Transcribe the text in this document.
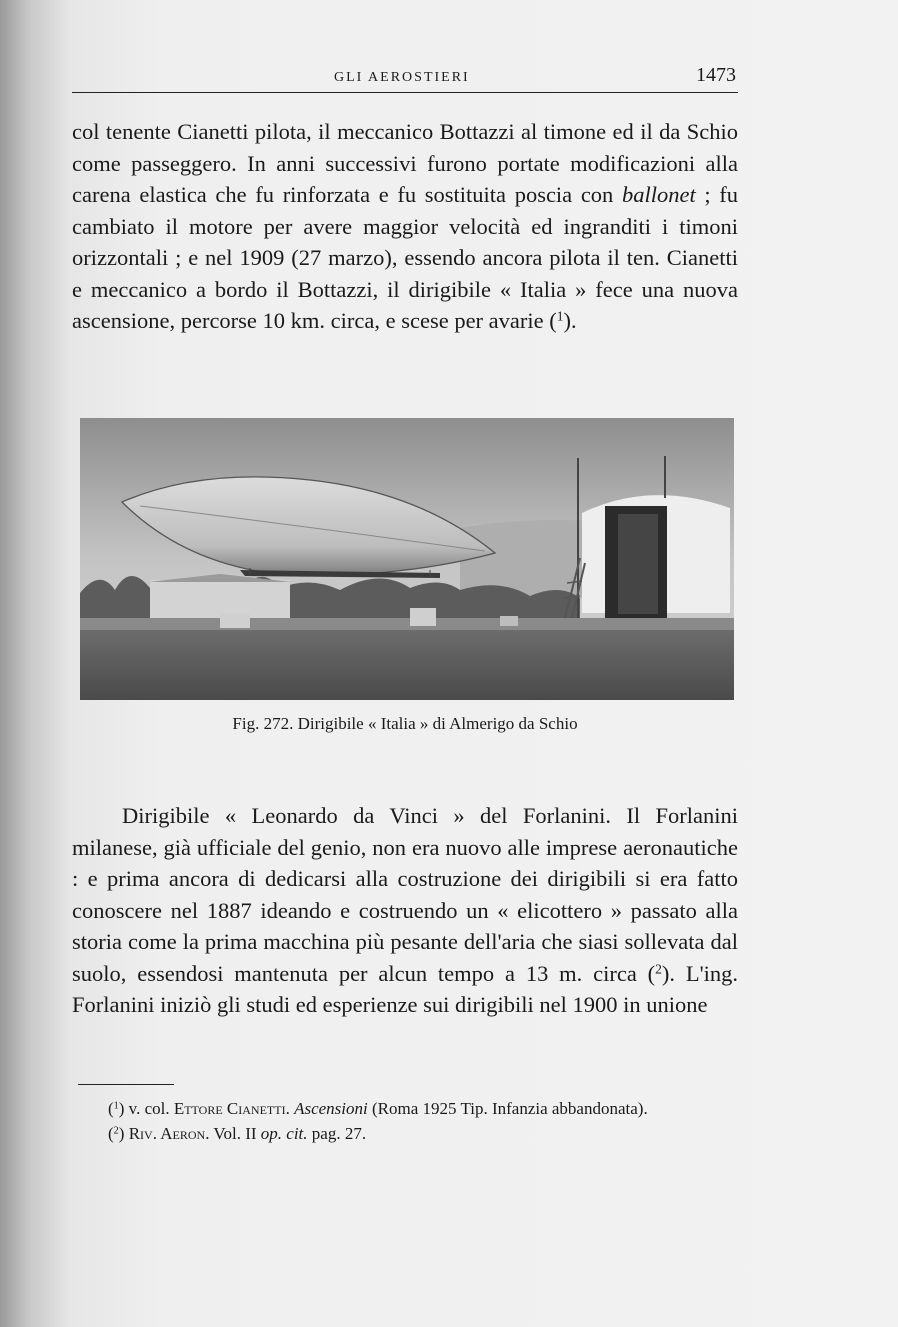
GLI AEROSTIERI	1473

col tenente Cianetti pilota, il meccanico Bottazzi al timone ed il da Schio come passeggero. In anni successivi furono portate modificazioni alla carena elastica che fu rinforzata e fu sostituita poscia con ballonet ; fu cambiato il motore per avere maggior velocità ed ingranditi i timoni orizzontali ; e nel 1909 (27 marzo), essendo ancora pilota il ten. Cianetti e meccanico a bordo il Bottazzi, il dirigibile « Italia » fece una nuova ascensione, percorse 10 km. circa, e scese per avarie ($^1$).

Fig. 272. Dirigibile « Italia » di Almerigo da Schio

Dirigibile « Leonardo da Vinci » del Forlanini. Il Forlanini milanese, già ufficiale del genio, non era nuovo alle imprese aeronautiche : e prima ancora di dedicarsi alla costruzione dei dirigibili si era fatto conoscere nel 1887 ideando e costruendo un « elicottero » passato alla storia come la prima macchina più pesante dell'aria che siasi sollevata dal suolo, essendosi mantenuta per alcun tempo a 13 m. circa ($^2$). L'ing. Forlanini iniziò gli studi ed esperienze sui dirigibili nel 1900 in unione

($^1$) v. col. Ettore Cianetti. Ascensioni (Roma 1925 Tip. Infanzia abbandonata).

($^2$) Riv. Aeron. Vol. II op. cit. pag. 27.
